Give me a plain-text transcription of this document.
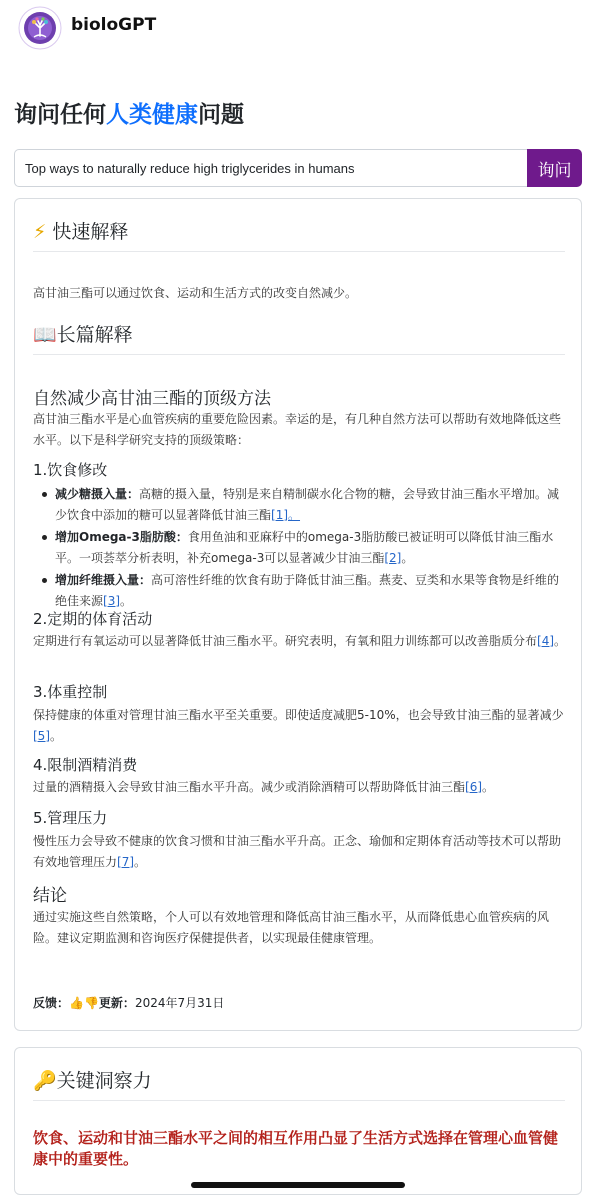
bioloGPT
询问任何人类健康问题
Top ways to naturally reduce high triglycerides in humans
询问
⚡ 快速解释
高甘油三酯可以通过饮食、运动和生活方式的改变自然减少。
📖长篇解释
自然减少高甘油三酯的顶级方法
高甘油三酯水平是心血管疾病的重要危险因素。幸运的是，有几种自然方法可以帮助有效地降低这些水平。以下是科学研究支持的顶级策略：
1.饮食修改
减少糖摄入量：高糖的摄入量，特别是来自精制碳水化合物的糖，会导致甘油三酯水平增加。减少饮食中添加的糖可以显著降低甘油三酯[1]。
增加Omega-3脂肪酸：食用鱼油和亚麻籽中的omega-3脂肪酸已被证明可以降低甘油三酯水平。一项荟萃分析表明，补充omega-3可以显著减少甘油三酯[2]。
增加纤维摄入量：高可溶性纤维的饮食有助于降低甘油三酯。燕麦、豆类和水果等食物是纤维的绝佳来源[3]。
2.定期的体育活动
定期进行有氧运动可以显著降低甘油三酯水平。研究表明，有氧和阻力训练都可以改善脂质分布[4]。
3.体重控制
保持健康的体重对管理甘油三酯水平至关重要。即使适度减肥5-10%，也会导致甘油三酯的显著减少[5]。
4.限制酒精消费
过量的酒精摄入会导致甘油三酯水平升高。减少或消除酒精可以帮助降低甘油三酯[6]。
5.管理压力
慢性压力会导致不健康的饮食习惯和甘油三酯水平升高。正念、瑜伽和定期体育活动等技术可以帮助有效地管理压力[7]。
结论
通过实施这些自然策略，个人可以有效地管理和降低高甘油三酯水平，从而降低患心血管疾病的风险。建议定期监测和咨询医疗保健提供者，以实现最佳健康管理。
反馈：👍👎更新：2024年7月31日
🔑关键洞察力
饮食、运动和甘油三酯水平之间的相互作用凸显了生活方式选择在管理心血管健康中的重要性。
